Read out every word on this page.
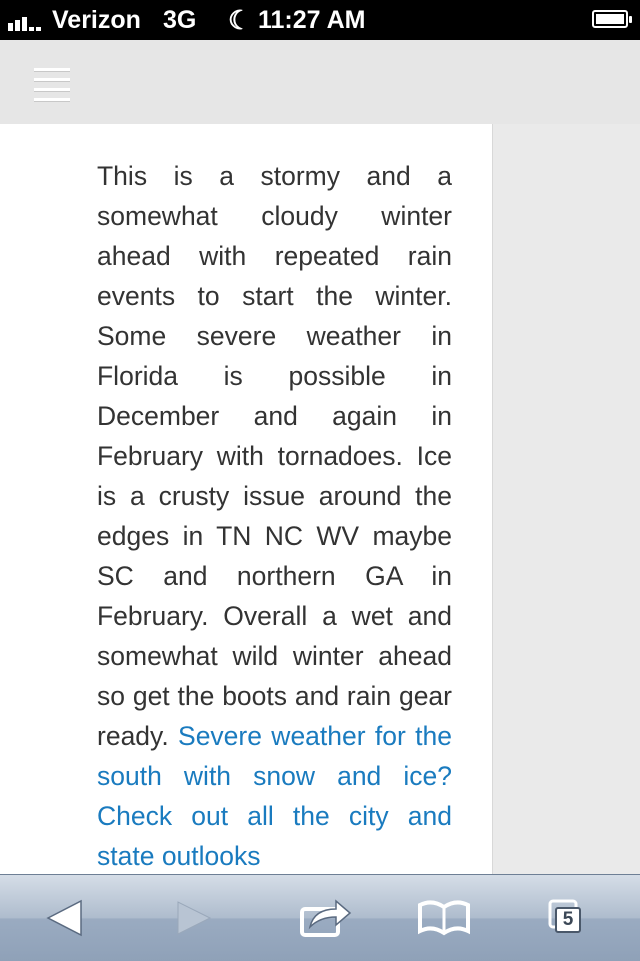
Verizon 3G ☾ 11:27 AM

This is a stormy and a somewhat cloudy winter ahead with repeated rain events to start the winter. Some severe weather in Florida is possible in December and again in February with tornadoes. Ice is a crusty issue around the edges in TN NC WV maybe SC and northern GA in February. Overall a wet and somewhat wild winter ahead so get the boots and rain gear ready. Severe weather for the south with snow and ice? Check out all the city and state outlooks

5
